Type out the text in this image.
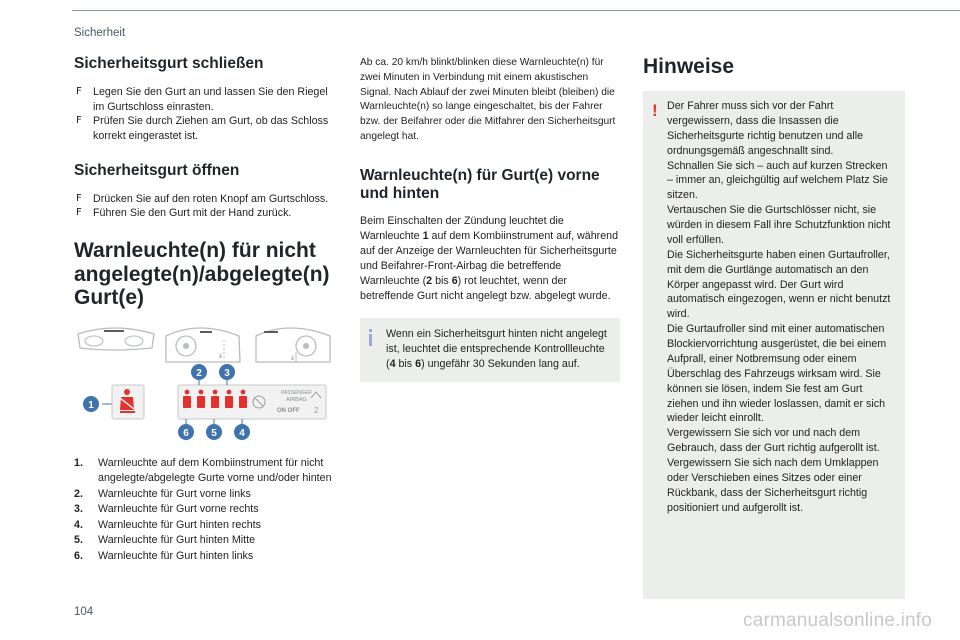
Sicherheit
Sicherheitsgurt schließen
F Legen Sie den Gurt an und lassen Sie den Riegel im Gurtschloss einrasten.
F Prüfen Sie durch Ziehen am Gurt, ob das Schloss korrekt eingerastet ist.
Sicherheitsgurt öffnen
F Drücken Sie auf den roten Knopf am Gurtschloss.
F Führen Sie den Gurt mit der Hand zurück.
Warnleuchte(n) für nicht angelegte(n)/abgelegte(n) Gurt(e)
⇓	⇓
PASSENGER
AIRBAG
ON OFF 2
1
2 3
4
5
6
1.	Warnleuchte auf dem Kombiinstrument für nicht angelegte/abgelegte Gurte vorne und/oder hinten
2.	Warnleuchte für Gurt vorne links
3.	Warnleuchte für Gurt vorne rechts
4.	Warnleuchte für Gurt hinten rechts
5.	Warnleuchte für Gurt hinten Mitte
6.	Warnleuchte für Gurt hinten links

Ab ca. 20 km/h blinkt/blinken diese Warnleuchte(n) für zwei Minuten in Verbindung mit einem akustischen Signal. Nach Ablauf der zwei Minuten bleibt (bleiben) die Warnleuchte(n) so lange eingeschaltet, bis der Fahrer bzw. der Beifahrer oder die Mitfahrer den Sicherheitsgurt angelegt hat.

Warnleuchte(n) für Gurt(e) vorne und hinten

Beim Einschalten der Zündung leuchtet die Warnleuchte 1 auf dem Kombiinstrument auf, während auf der Anzeige der Warnleuchten für Sicherheitsgurte und Beifahrer-Front-Airbag die betreffende Warnleuchte (2 bis 6) rot leuchtet, wenn der betreffende Gurt nicht angelegt bzw. abgelegt wurde.

Wenn ein Sicherheitsgurt hinten nicht angelegt ist, leuchtet die entsprechende Kontrollleuchte (4 bis 6) ungefähr 30 Sekunden lang auf.

Hinweise
! Der Fahrer muss sich vor der Fahrt vergewissern, dass die Insassen die Sicherheitsgurte richtig benutzen und alle ordnungsgemäß angeschnallt sind.

Schnallen Sie sich – auch auf kurzen Strecken – immer an, gleichgültig auf welchem Platz Sie sitzen.

Vertauschen Sie die Gurtschlösser nicht, sie würden in diesem Fall ihre Schutzfunktion nicht voll erfüllen.

Die Sicherheitsgurte haben einen Gurtaufroller, mit dem die Gurtlänge automatisch an den Körper angepasst wird. Der Gurt wird automatisch eingezogen, wenn er nicht benutzt wird.

Die Gurtaufroller sind mit einer automatischen Blockiervorrichtung ausgerüstet, die bei einem Aufprall, einer Notbremsung oder einem Überschlag des Fahrzeugs wirksam wird. Sie können sie lösen, indem Sie fest am Gurt ziehen und ihn wieder loslassen, damit er sich wieder leicht einrollt.

Vergewissern Sie sich vor und nach dem Gebrauch, dass der Gurt richtig aufgerollt ist.

Vergewissern Sie sich nach dem Umklappen oder Verschieben eines Sitzes oder einer Rückbank, dass der Sicherheitsgurt richtig positioniert und aufgerollt ist.

104	carmanualsonline.info
